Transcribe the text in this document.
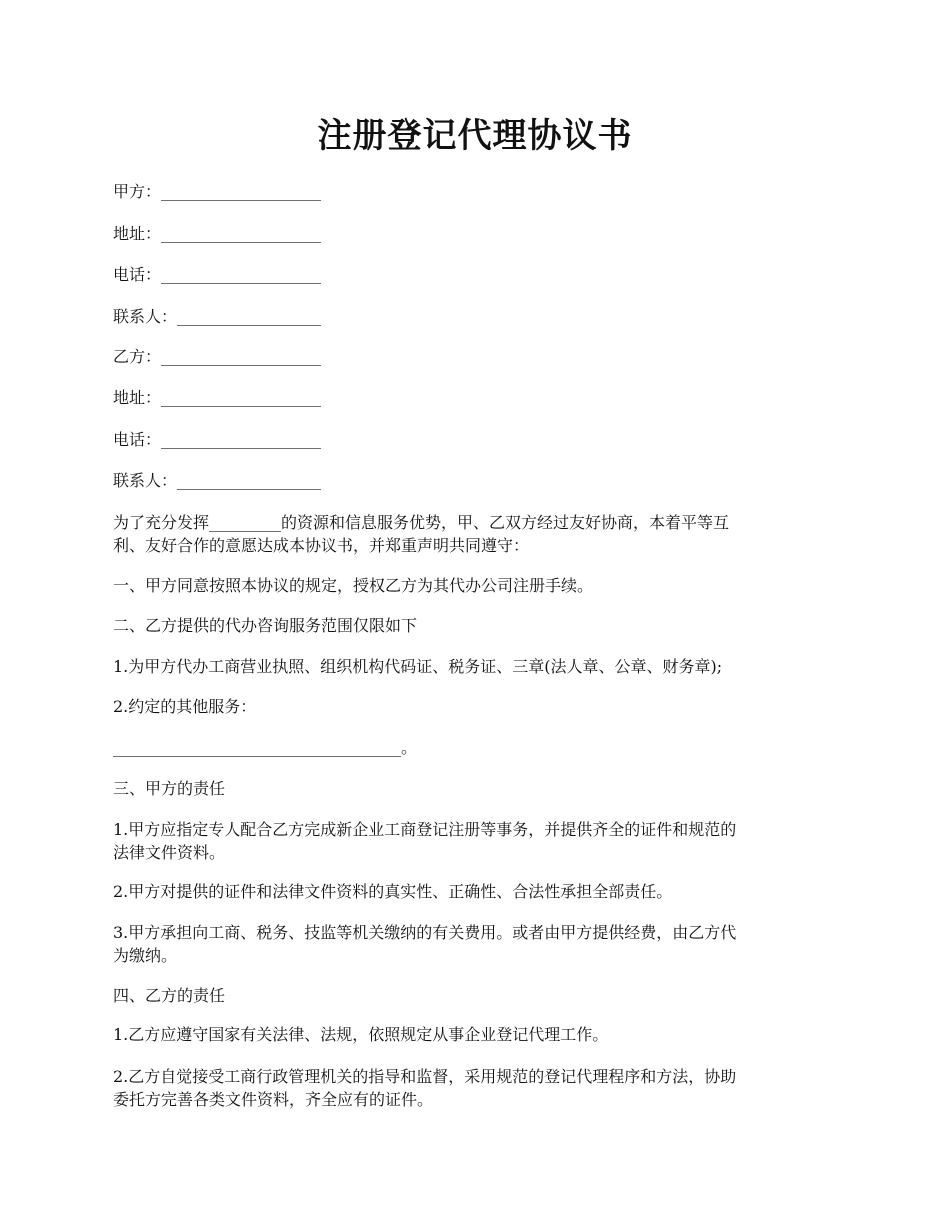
注册登记代理协议书
甲方：____________________
地址：____________________
电话：____________________
联系人：__________________
乙方：____________________
地址：____________________
电话：____________________
联系人：__________________
为了充分发挥_________的资源和信息服务优势，甲、乙双方经过友好协商，本着平等互
利、友好合作的意愿达成本协议书，并郑重声明共同遵守：
一、甲方同意按照本协议的规定，授权乙方为其代办公司注册手续。
二、乙方提供的代办咨询服务范围仅限如下
1.为甲方代办工商营业执照、组织机构代码证、税务证、三章(法人章、公章、财务章);
2.约定的其他服务：
____________________________________。
三、甲方的责任
1.甲方应指定专人配合乙方完成新企业工商登记注册等事务，并提供齐全的证件和规范的
法律文件资料。
2.甲方对提供的证件和法律文件资料的真实性、正确性、合法性承担全部责任。
3.甲方承担向工商、税务、技监等机关缴纳的有关费用。或者由甲方提供经费，由乙方代
为缴纳。
四、乙方的责任
1.乙方应遵守国家有关法律、法规，依照规定从事企业登记代理工作。
2.乙方自觉接受工商行政管理机关的指导和监督，采用规范的登记代理程序和方法，协助
委托方完善各类文件资料，齐全应有的证件。
